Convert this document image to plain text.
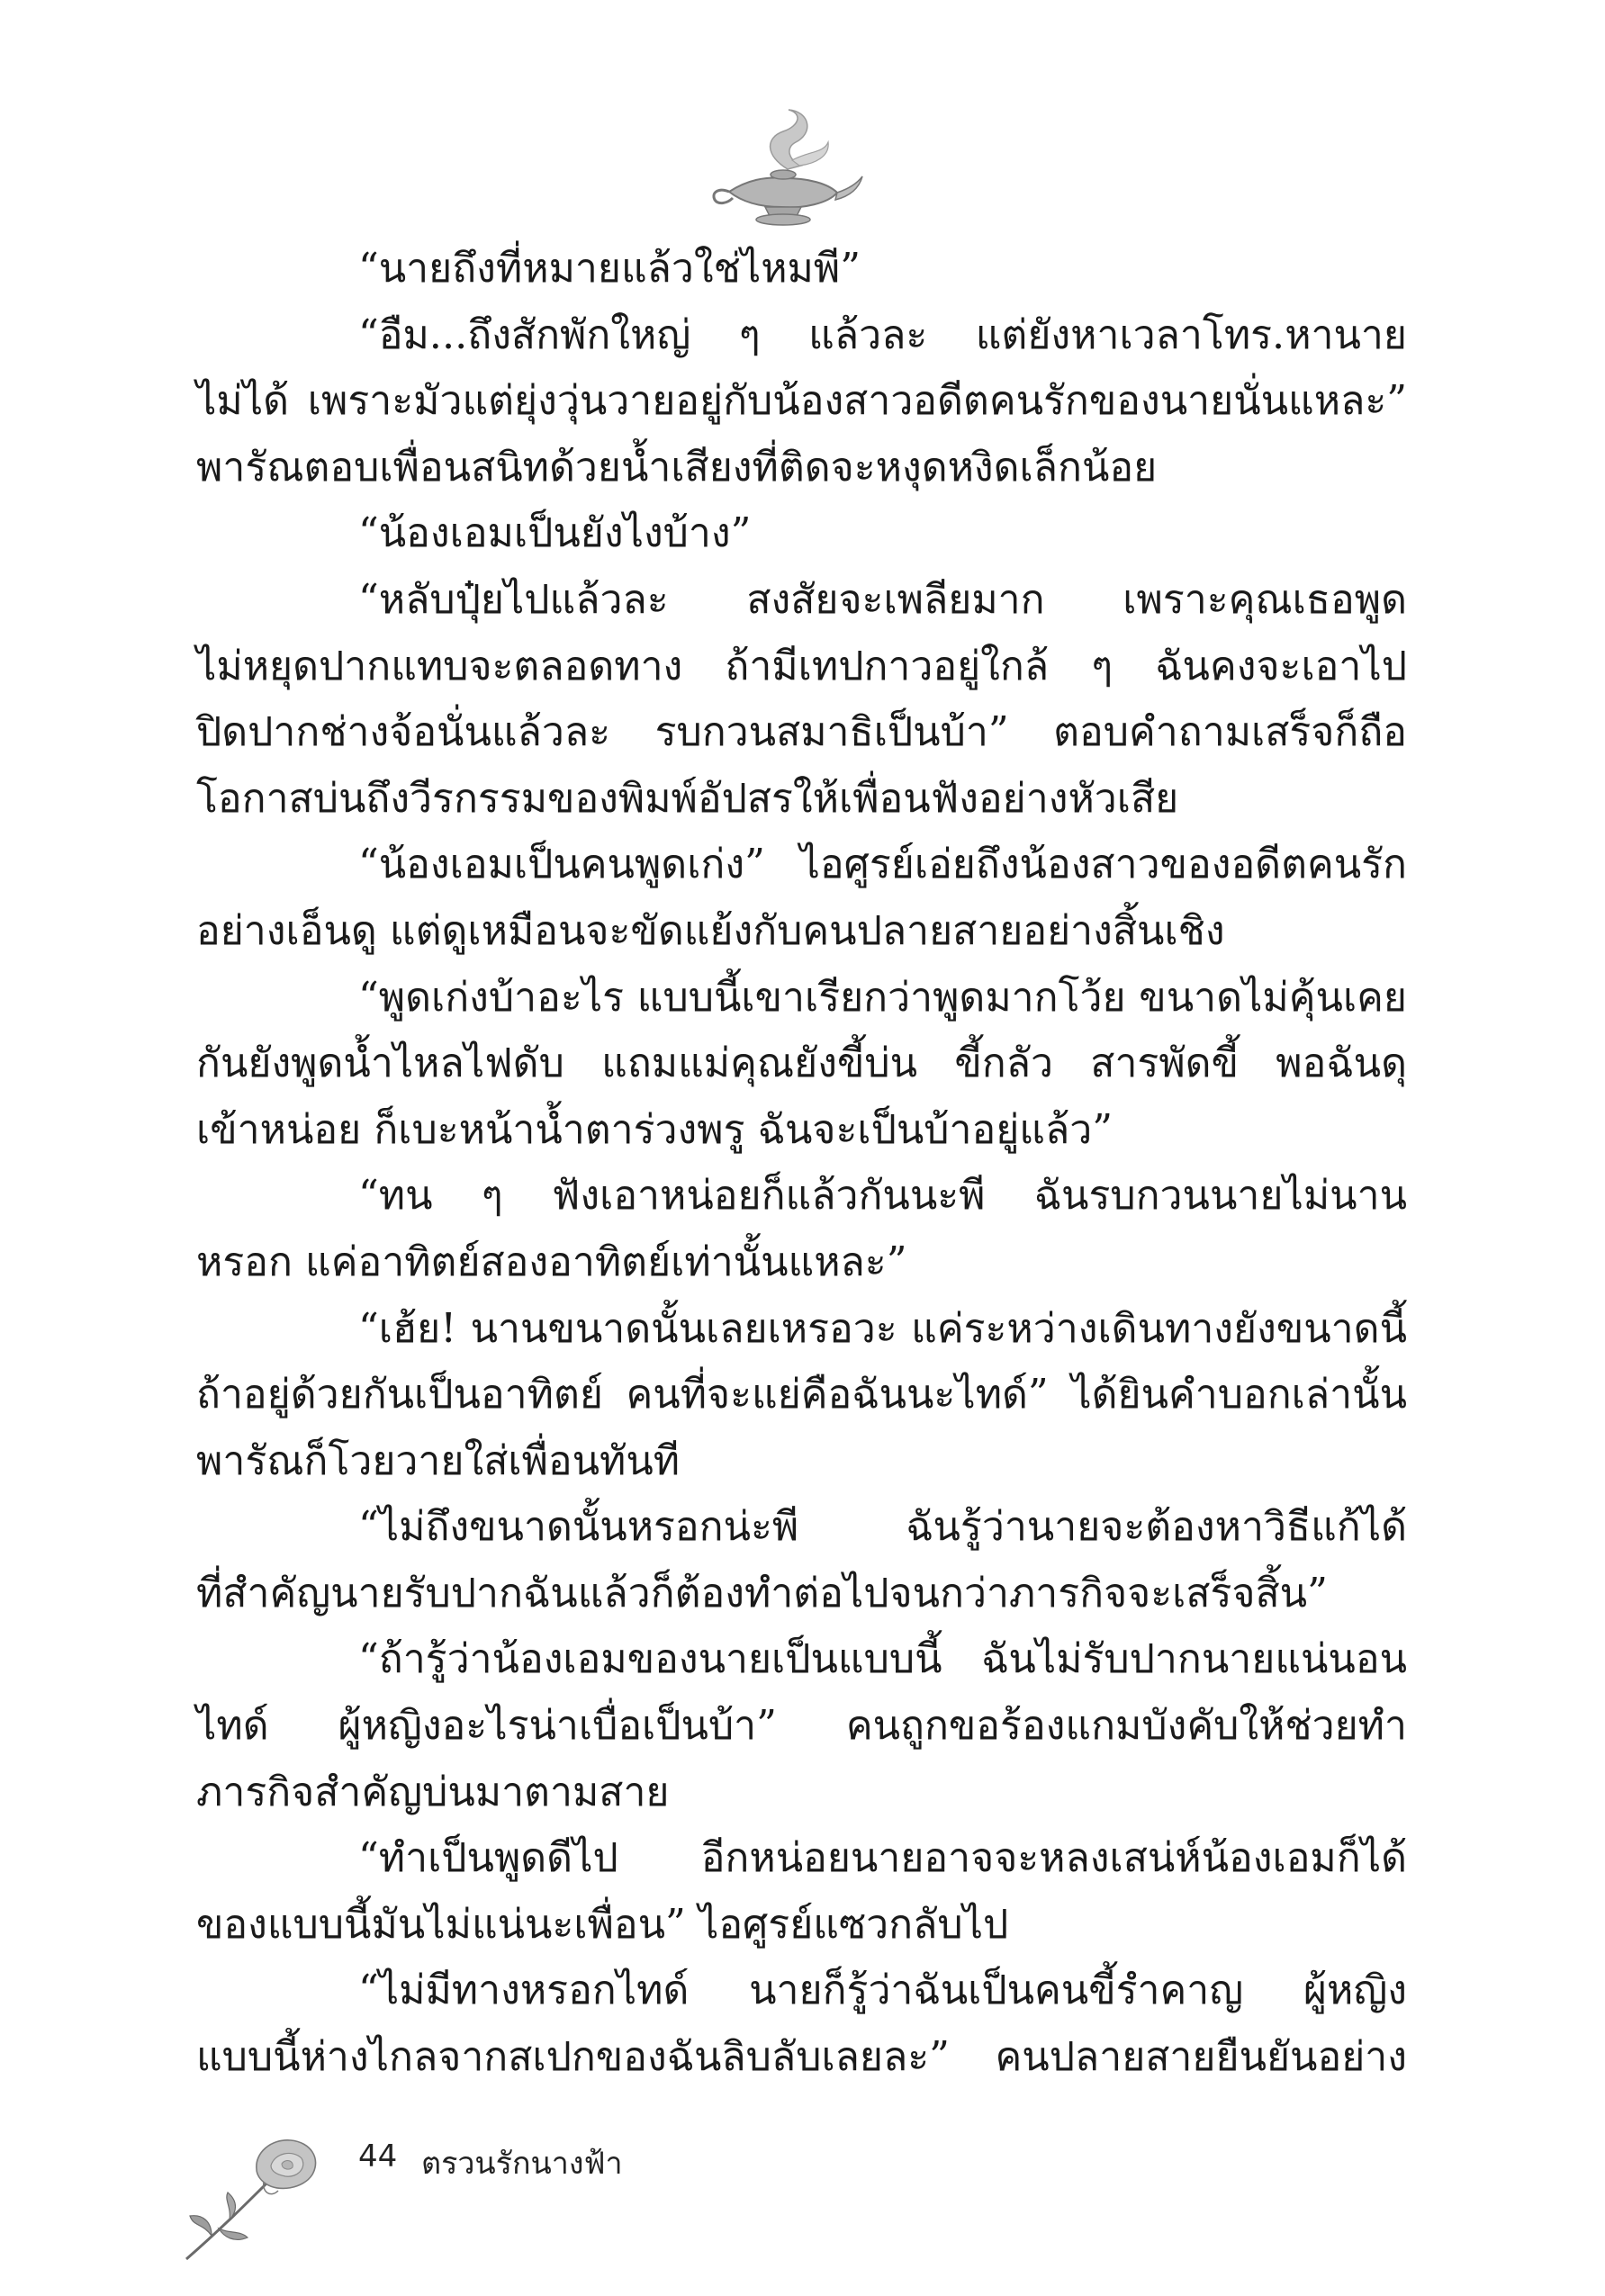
“นายถึงที่หมายแล้วใช่ไหมพี”
“อืม...ถึงสักพักใหญ่ ๆ แล้วละ แต่ยังหาเวลาโทร.หานาย
ไม่ได้ เพราะมัวแต่ยุ่งวุ่นวายอยู่กับน้องสาวอดีตคนรักของนายนั่นแหละ”
พารัณตอบเพื่อนสนิทด้วยน้ำเสียงที่ติดจะหงุดหงิดเล็กน้อย
“น้องเอมเป็นยังไงบ้าง”
“หลับปุ๋ยไปแล้วละ สงสัยจะเพลียมาก เพราะคุณเธอพูด
ไม่หยุดปากแทบจะตลอดทาง ถ้ามีเทปกาวอยู่ใกล้ ๆ ฉันคงจะเอาไป
ปิดปากช่างจ้อนั่นแล้วละ รบกวนสมาธิเป็นบ้า” ตอบคำถามเสร็จก็ถือ
โอกาสบ่นถึงวีรกรรมของพิมพ์อัปสรให้เพื่อนฟังอย่างหัวเสีย
“น้องเอมเป็นคนพูดเก่ง” ไอศูรย์เอ่ยถึงน้องสาวของอดีตคนรัก
อย่างเอ็นดู แต่ดูเหมือนจะขัดแย้งกับคนปลายสายอย่างสิ้นเชิง
“พูดเก่งบ้าอะไร แบบนี้เขาเรียกว่าพูดมากโว้ย ขนาดไม่คุ้นเคย
กันยังพูดน้ำไหลไฟดับ แถมแม่คุณยังขี้บ่น ขี้กลัว สารพัดขี้ พอฉันดุ
เข้าหน่อย ก็เบะหน้าน้ำตาร่วงพรู ฉันจะเป็นบ้าอยู่แล้ว”
“ทน ๆ ฟังเอาหน่อยก็แล้วกันนะพี ฉันรบกวนนายไม่นาน
หรอก แค่อาทิตย์สองอาทิตย์เท่านั้นแหละ”
“เฮ้ย! นานขนาดนั้นเลยเหรอวะ แค่ระหว่างเดินทางยังขนาดนี้
ถ้าอยู่ด้วยกันเป็นอาทิตย์ คนที่จะแย่คือฉันนะไทด์” ได้ยินคำบอกเล่านั้น
พารัณก็โวยวายใส่เพื่อนทันที
“ไม่ถึงขนาดนั้นหรอกน่ะพี ฉันรู้ว่านายจะต้องหาวิธีแก้ได้
ที่สำคัญนายรับปากฉันแล้วก็ต้องทำต่อไปจนกว่าภารกิจจะเสร็จสิ้น”
“ถ้ารู้ว่าน้องเอมของนายเป็นแบบนี้ ฉันไม่รับปากนายแน่นอน
ไทด์ ผู้หญิงอะไรน่าเบื่อเป็นบ้า” คนถูกขอร้องแกมบังคับให้ช่วยทำ
ภารกิจสำคัญบ่นมาตามสาย
“ทำเป็นพูดดีไป อีกหน่อยนายอาจจะหลงเสน่ห์น้องเอมก็ได้
ของแบบนี้มันไม่แน่นะเพื่อน” ไอศูรย์แซวกลับไป
“ไม่มีทางหรอกไทด์ นายก็รู้ว่าฉันเป็นคนขี้รำคาญ ผู้หญิง
แบบนี้ห่างไกลจากสเปกของฉันลิบลับเลยละ” คนปลายสายยืนยันอย่าง
44 ตรวนรักนางฟ้า
